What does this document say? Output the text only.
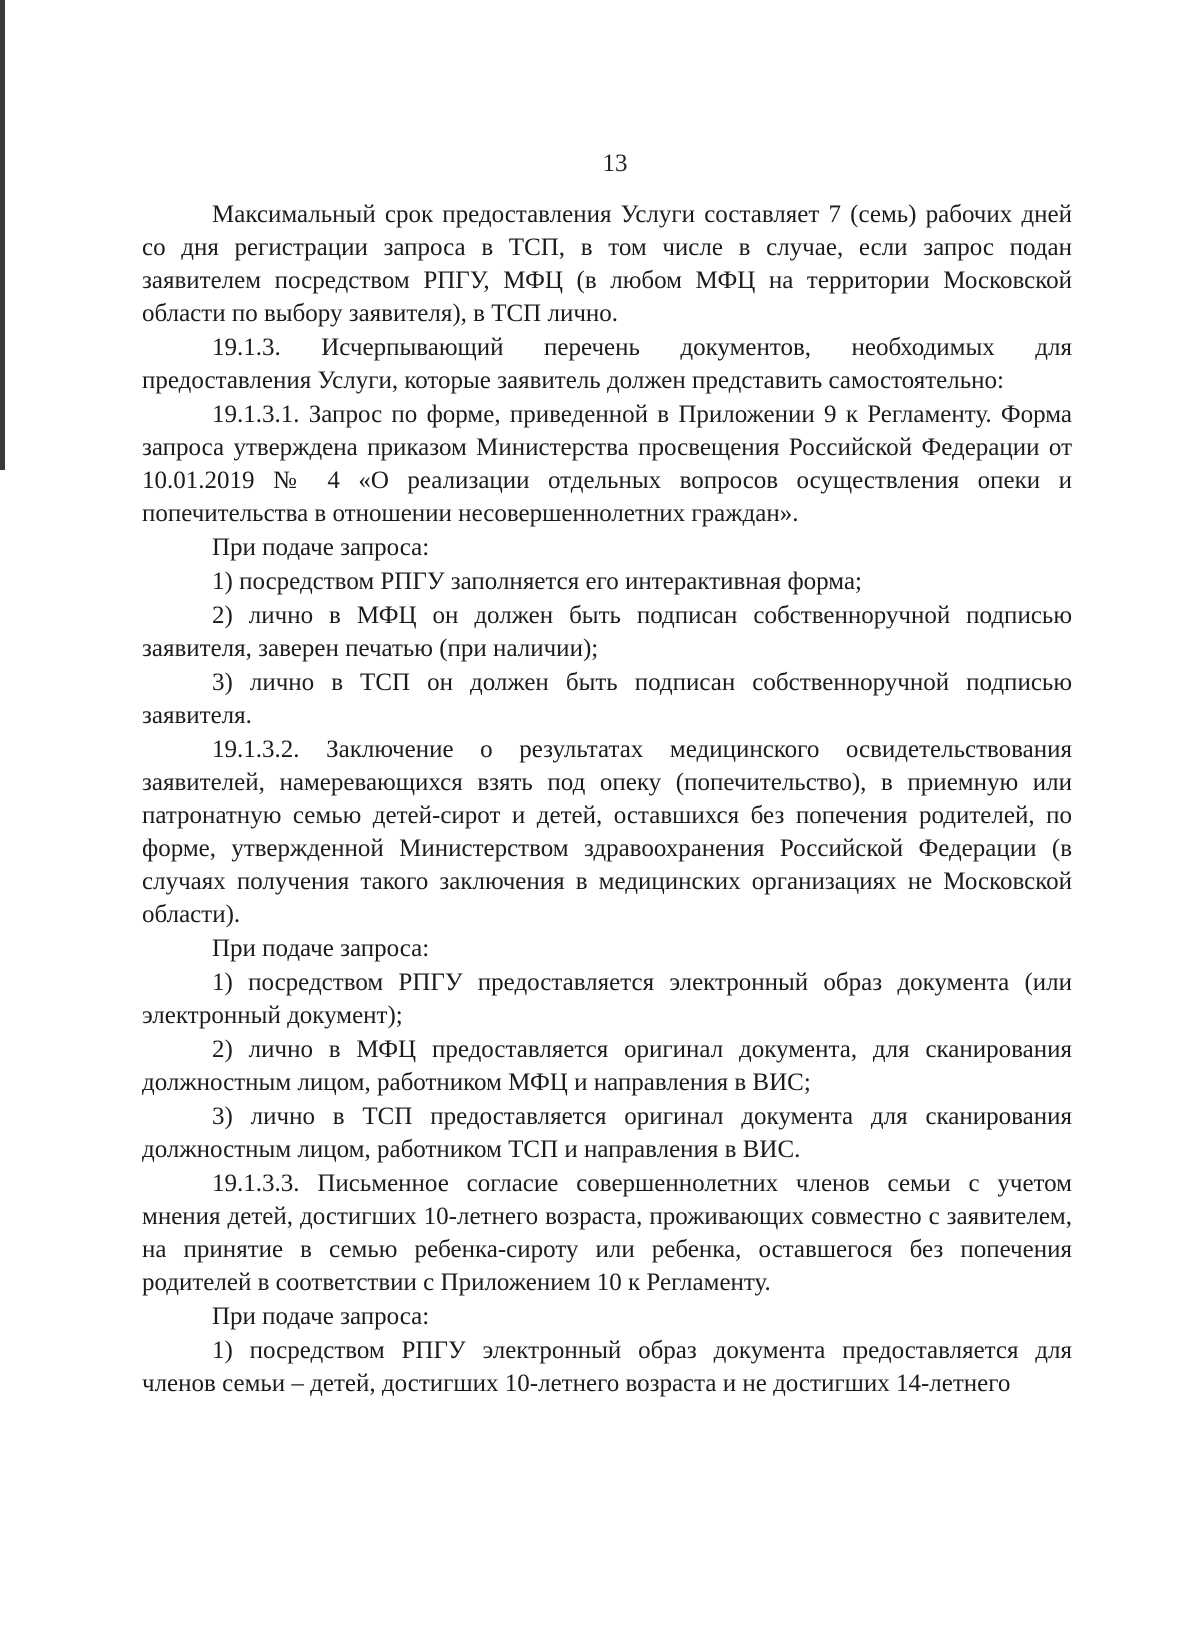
13

Максимальный срок предоставления Услуги составляет 7 (семь) рабочих дней со дня регистрации запроса в ТСП, в том числе в случае, если запрос подан заявителем посредством РПГУ, МФЦ (в любом МФЦ на территории Московской области по выбору заявителя), в ТСП лично.

19.1.3. Исчерпывающий перечень документов, необходимых для предоставления Услуги, которые заявитель должен представить самостоятельно:

19.1.3.1. Запрос по форме, приведенной в Приложении 9 к Регламенту. Форма запроса утверждена приказом Министерства просвещения Российской Федерации от 10.01.2019 № 4 «О реализации отдельных вопросов осуществления опеки и попечительства в отношении несовершеннолетних граждан».

При подаче запроса:

1) посредством РПГУ заполняется его интерактивная форма;

2) лично в МФЦ он должен быть подписан собственноручной подписью заявителя, заверен печатью (при наличии);

3) лично в ТСП он должен быть подписан собственноручной подписью заявителя.

19.1.3.2. Заключение о результатах медицинского освидетельствования заявителей, намеревающихся взять под опеку (попечительство), в приемную или патронатную семью детей-сирот и детей, оставшихся без попечения родителей, по форме, утвержденной Министерством здравоохранения Российской Федерации (в случаях получения такого заключения в медицинских организациях не Московской области).

При подаче запроса:

1) посредством РПГУ предоставляется электронный образ документа (или электронный документ);

2) лично в МФЦ предоставляется оригинал документа, для сканирования должностным лицом, работником МФЦ и направления в ВИС;

3) лично в ТСП предоставляется оригинал документа для сканирования должностным лицом, работником ТСП и направления в ВИС.

19.1.3.3. Письменное согласие совершеннолетних членов семьи с учетом мнения детей, достигших 10-летнего возраста, проживающих совместно с заявителем, на принятие в семью ребенка-сироту или ребенка, оставшегося без попечения родителей в соответствии с Приложением 10 к Регламенту.

При подаче запроса:

1) посредством РПГУ электронный образ документа предоставляется для членов семьи – детей, достигших 10-летнего возраста и не достигших 14-летнего
